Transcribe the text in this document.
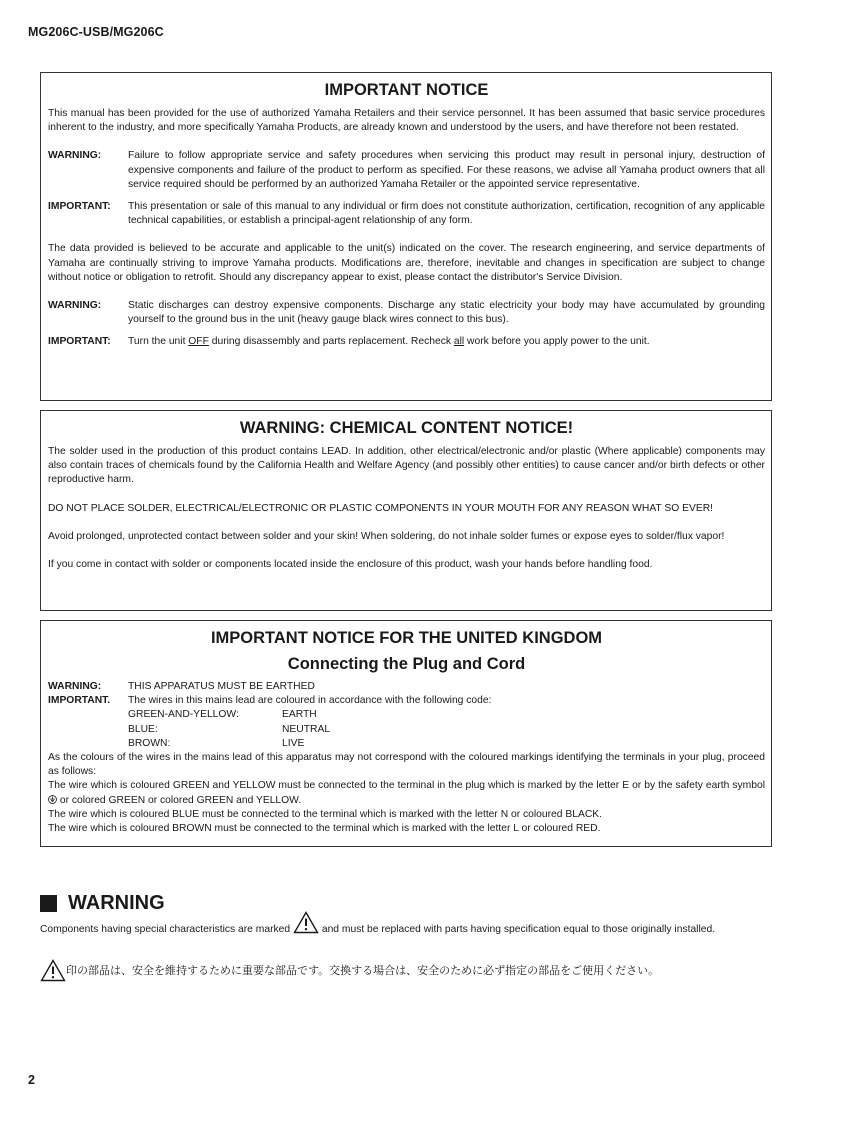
MG206C-USB/MG206C
IMPORTANT NOTICE

This manual has been provided for the use of authorized Yamaha Retailers and their service personnel. It has been assumed that basic service procedures inherent to the industry, and more specifically Yamaha Products, are already known and understood by the users, and have therefore not been restated.

WARNING:	Failure to follow appropriate service and safety procedures when servicing this product may result in personal injury, destruction of expensive components and failure of the product to perform as specified. For these reasons, we advise all Yamaha product owners that all service required should be performed by an authorized Yamaha Retailer or the appointed service representative.
IMPORTANT:	This presentation or sale of this manual to any individual or firm does not constitute authorization, certification, recognition of any applicable technical capabilities, or establish a principal-agent relationship of any form.

The data provided is believed to be accurate and applicable to the unit(s) indicated on the cover. The research engineering, and service departments of Yamaha are continually striving to improve Yamaha products. Modifications are, therefore, inevitable and changes in specification are subject to change without notice or obligation to retrofit. Should any discrepancy appear to exist, please contact the distributor's Service Division.

WARNING:	Static discharges can destroy expensive components. Discharge any static electricity your body may have accumulated by grounding yourself to the ground bus in the unit (heavy gauge black wires connect to this bus).
IMPORTANT:	Turn the unit OFF during disassembly and parts replacement. Recheck all work before you apply power to the unit.
WARNING: CHEMICAL CONTENT NOTICE!

The solder used in the production of this product contains LEAD. In addition, other electrical/electronic and/or plastic (Where applicable) components may also contain traces of chemicals found by the California Health and Welfare Agency (and possibly other entities) to cause cancer and/or birth defects or other reproductive harm.

DO NOT PLACE SOLDER, ELECTRICAL/ELECTRONIC OR PLASTIC COMPONENTS IN YOUR MOUTH FOR ANY REASON WHAT SO EVER!

Avoid prolonged, unprotected contact between solder and your skin! When soldering, do not inhale solder fumes or expose eyes to solder/flux vapor!

If you come in contact with solder or components located inside the enclosure of this product, wash your hands before handling food.

IMPORTANT NOTICE FOR THE UNITED KINGDOM
Connecting the Plug and Cord
WARNING:	THIS APPARATUS MUST BE EARTHED
IMPORTANT.	The wires in this mains lead are coloured in accordance with the following code:
GREEN-AND-YELLOW:	EARTH
BLUE:	NEUTRAL
BROWN:	LIVE

As the colours of the wires in the mains lead of this apparatus may not correspond with the coloured markings identifying the terminals in your plug, proceed as follows:

The wire which is coloured GREEN and YELLOW must be connected to the terminal in the plug which is marked by the letter E or by the safety earth symbol  or colored GREEN or colored GREEN and YELLOW.

The wire which is coloured BLUE must be connected to the terminal which is marked with the letter N or coloured BLACK.

The wire which is coloured BROWN must be connected to the terminal which is marked with the letter L or coloured RED.

WARNING
Components having special characteristics are marked	and must be replaced with parts having specification equal to those originally installed.
印の部品は、安全を維持するために重要な部品です。交換する場合は、安全のために必ず指定の部品をご使用ください。
2
